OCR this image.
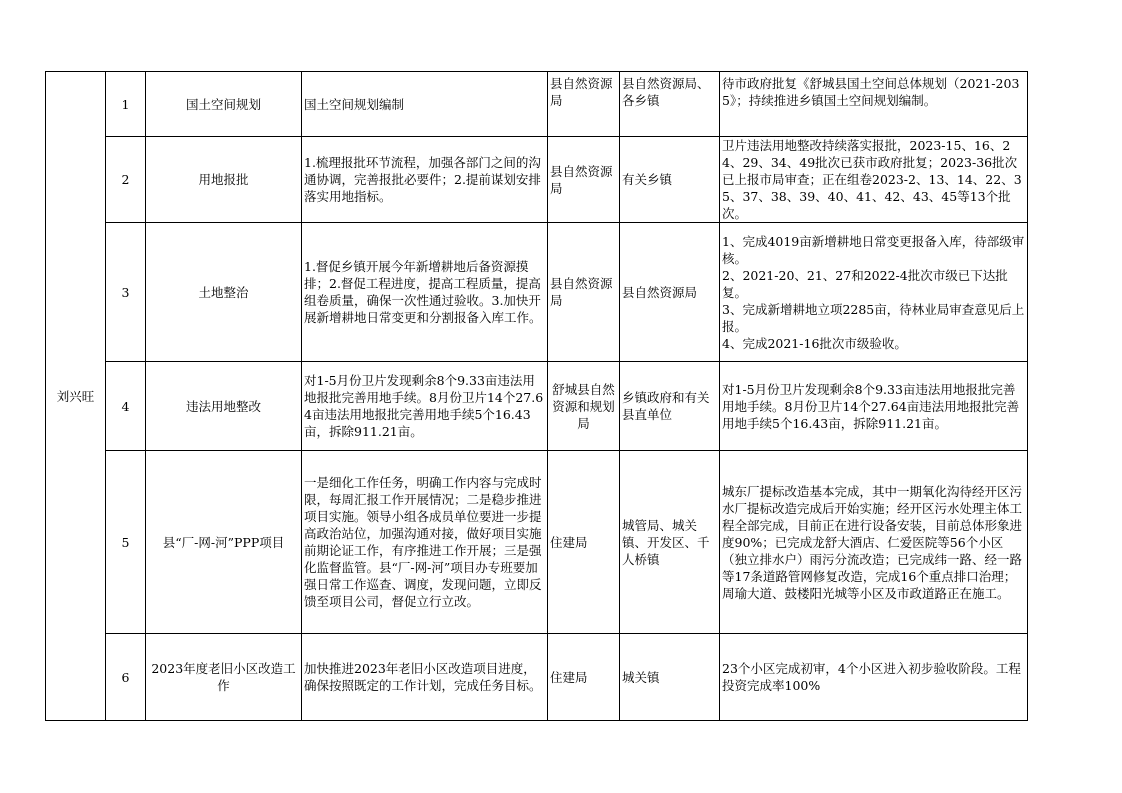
刘兴旺	1	国土空间规划	国土空间规划编制	县自然资源局	县自然资源局、各乡镇	待市政府批复《舒城县国土空间总体规划（2021-2035》；持续推进乡镇国土空间规划编制。
	2	用地报批	1.梳理报批环节流程，加强各部门之间的沟通协调，完善报批必要件；2.提前谋划安排落实用地指标。	县自然资源局	有关乡镇	卫片违法用地整改持续落实报批，2023-15、16、24、29、34、49批次已获市政府批复；2023-36批次已上报市局审查；正在组卷2023-2、13、14、22、35、37、38、39、40、41、42、43、45等13个批次。
	3	土地整治	1.督促乡镇开展今年新增耕地后备资源摸排；2.督促工程进度，提高工程质量，提高组卷质量，确保一次性通过验收。3.加快开展新增耕地日常变更和分割报备入库工作。	县自然资源局	县自然资源局	1、完成4019亩新增耕地日常变更报备入库，待部级审核。
2、2021-20、21、27和2022-4批次市级已下达批复。
3、完成新增耕地立项2285亩，待林业局审查意见后上报。
4、完成2021-16批次市级验收。

	4	违法用地整改	对1-5月份卫片发现剩余8个9.33亩违法用地报批完善用地手续。8月份卫片14个27.64亩违法用地报批完善用地手续5个16.43亩，拆除911.21亩。	舒城县自然资源和规划局	乡镇政府和有关县直单位	对1-5月份卫片发现剩余8个9.33亩违法用地报批完善用地手续。8月份卫片14个27.64亩违法用地报批完善用地手续5个16.43亩，拆除911.21亩。
	5	县“厂-网-河”PPP项目	一是细化工作任务，明确工作内容与完成时限，每周汇报工作开展情况；二是稳步推进项目实施。领导小组各成员单位要进一步提高政治站位，加强沟通对接，做好项目实施前期论证工作，有序推进工作开展；三是强化监督监管。县“厂-网-河”项目办专班要加强日常工作巡查、调度，发现问题，立即反馈至项目公司，督促立行立改。	住建局	城管局、城关镇、开发区、千人桥镇	城东厂提标改造基本完成，其中一期氧化沟待经开区污水厂提标改造完成后开始实施；经开区污水处理主体工程全部完成，目前正在进行设备安装，目前总体形象进度90%；已完成龙舒大酒店、仁爱医院等56个小区（独立排水户）雨污分流改造；已完成纬一路、经一路等17条道路管网修复改造，完成16个重点排口治理；周瑜大道、鼓楼阳光城等小区及市政道路正在施工。
	6	2023年度老旧小区改造工作	加快推进2023年老旧小区改造项目进度，确保按照既定的工作计划，完成任务目标。	住建局	城关镇	23个小区完成初审，4个小区进入初步验收阶段。工程投资完成率100%
